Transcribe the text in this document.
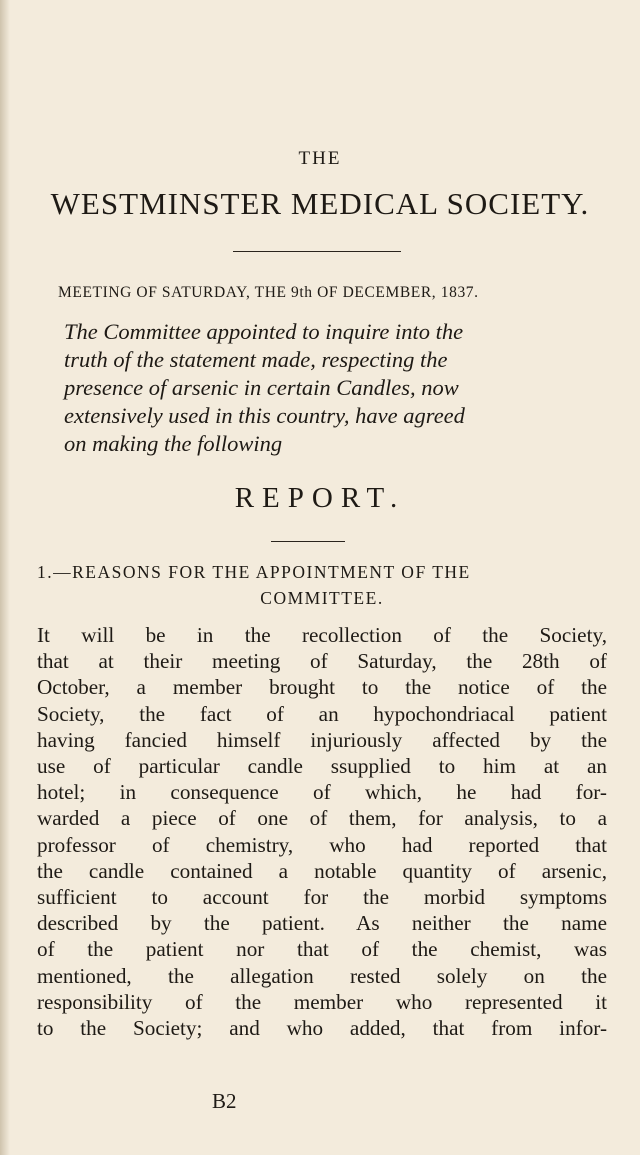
THE
WESTMINSTER MEDICAL SOCIETY.
MEETING OF SATURDAY, THE 9th OF DECEMBER, 1837.
The Committee appointed to inquire into the
truth of the statement made, respecting the
presence of arsenic in certain Candles, now
extensively used in this country, have agreed
on making the following
REPORT.
1.—REASONS FOR THE APPOINTMENT OF THE
COMMITTEE.
It will be in the recollection of the Society,
that at their meeting of Saturday, the 28th of
October, a member brought to the notice of the
Society, the fact of an hypochondriacal patient
having fancied himself injuriously affected by the
use of particular candle ssupplied to him at an
hotel; in consequence of which, he had for-
warded a piece of one of them, for analysis, to a
professor of chemistry, who had reported that
the candle contained a notable quantity of arsenic,
sufficient to account for the morbid symptoms
described by the patient. As neither the name
of the patient nor that of the chemist, was
mentioned, the allegation rested solely on the
responsibility of the member who represented it
to the Society; and who added, that from infor-
B2
